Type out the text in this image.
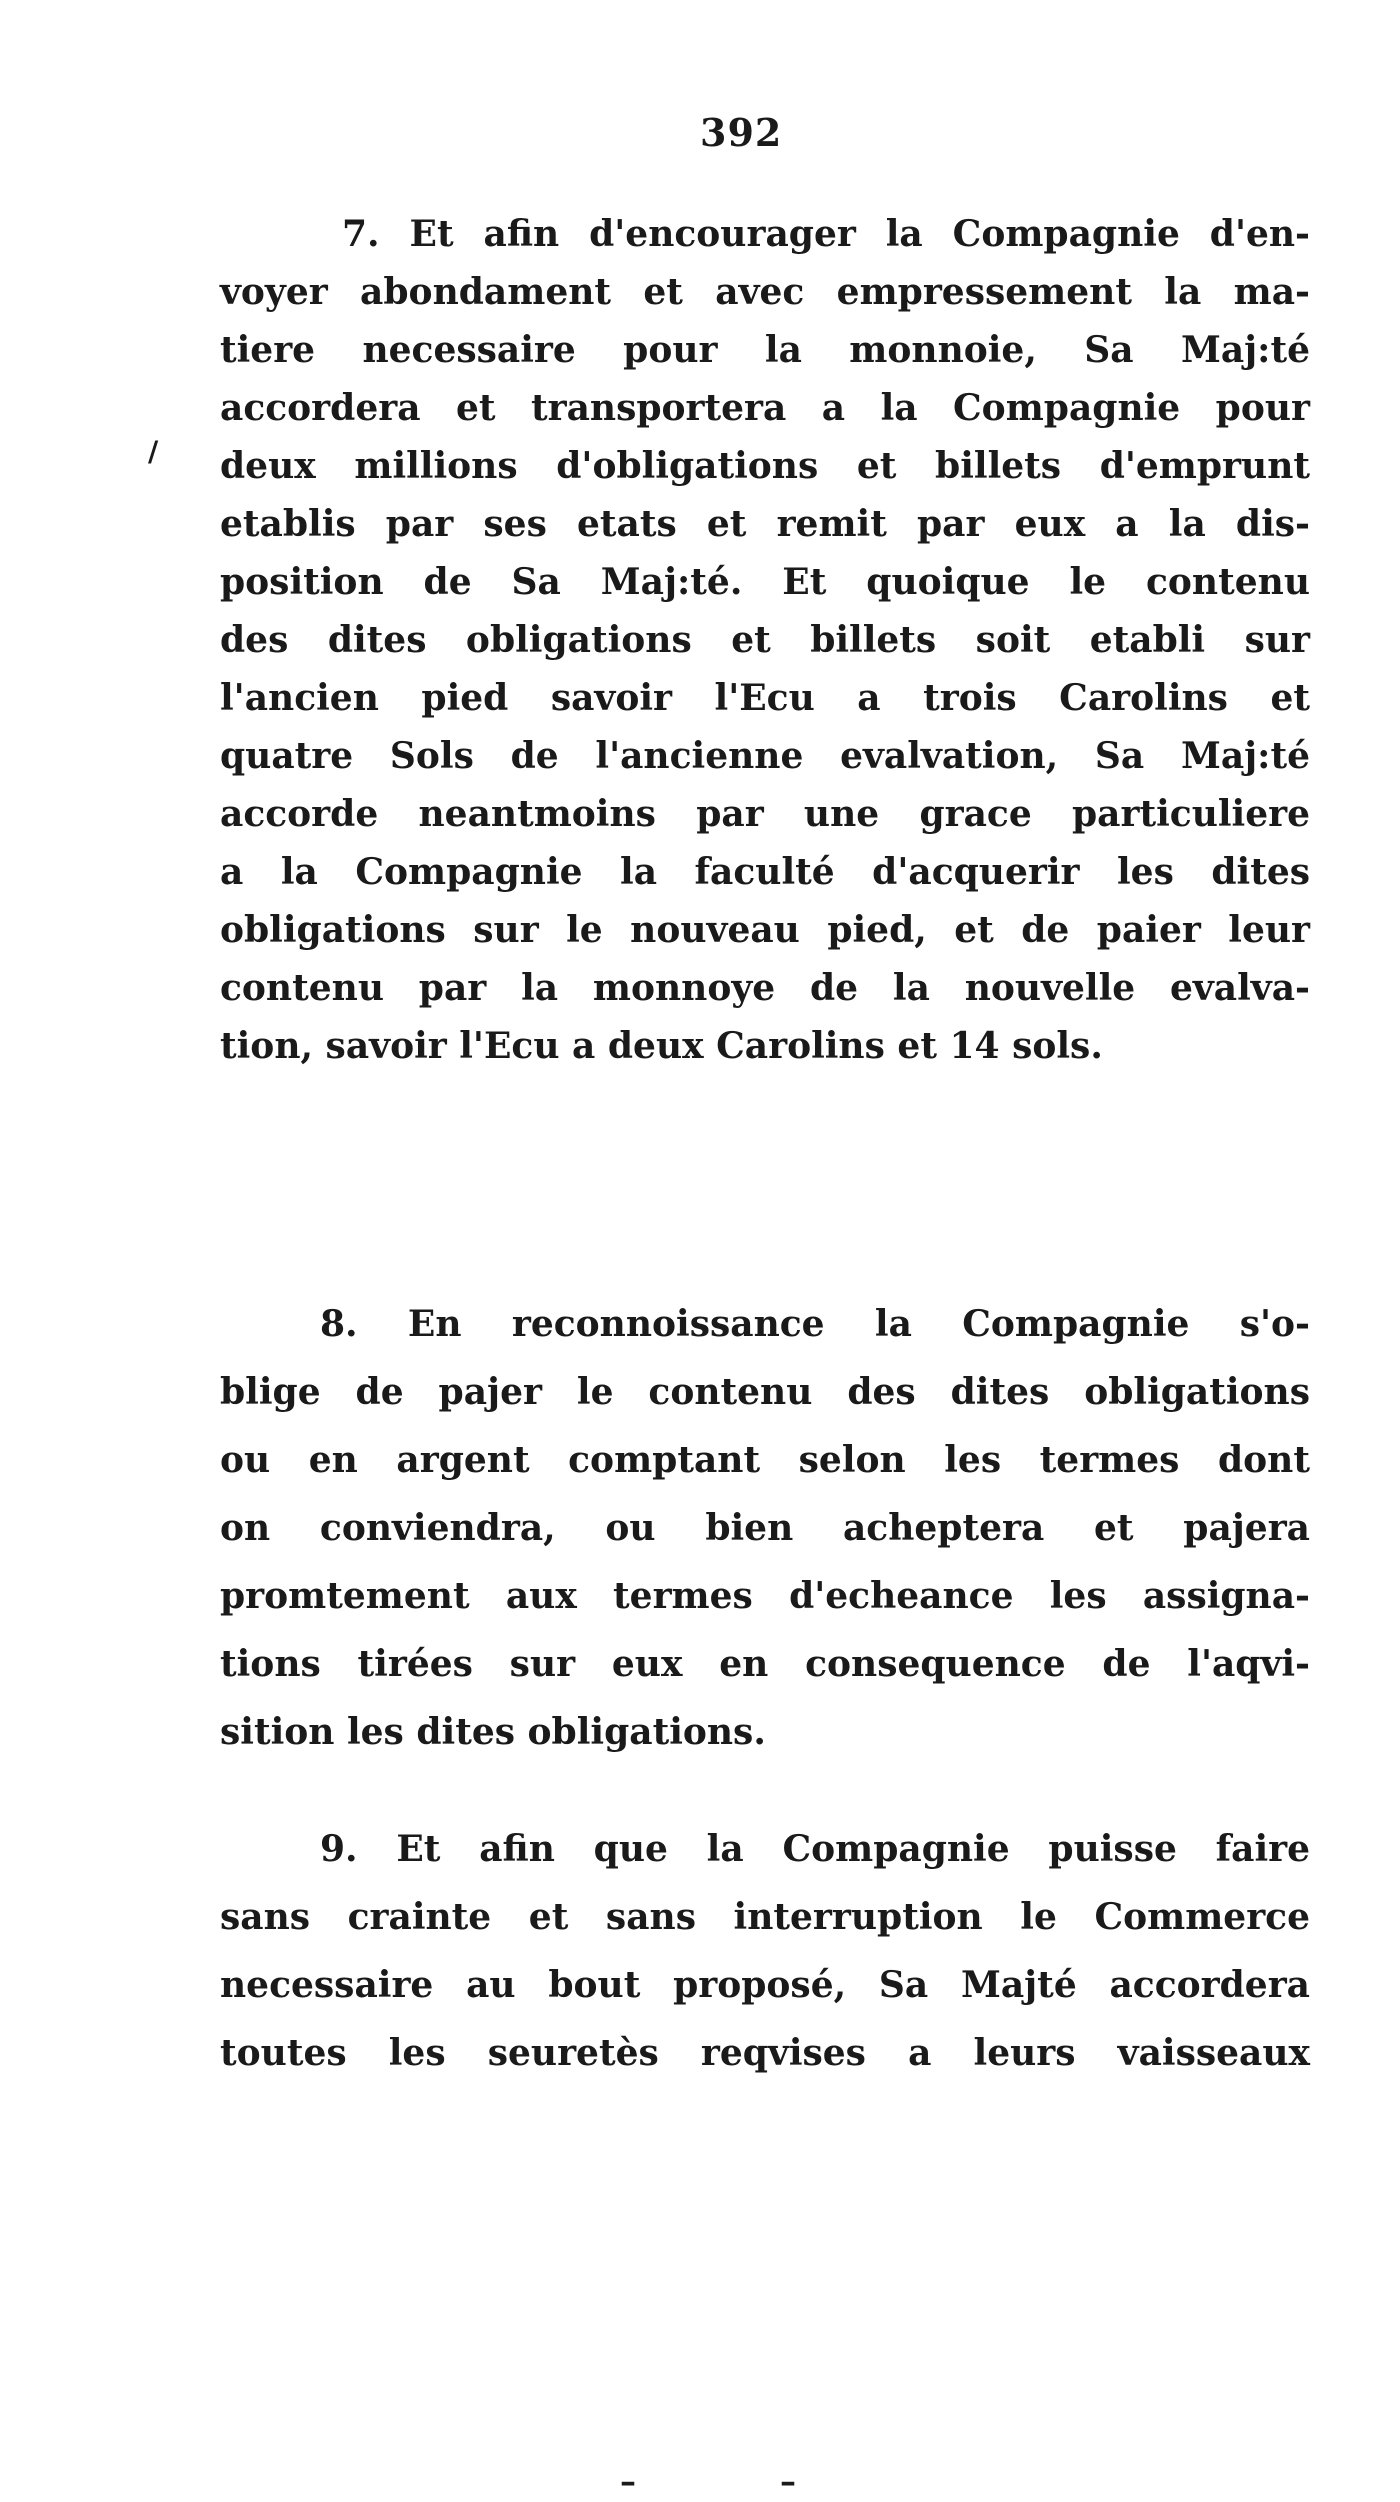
392
/
7. Et afin d'encourager la Compagnie d'en-
voyer abondament et avec empressement la ma-
tiere necessaire pour la monnoie, Sa Maj:té
accordera et transportera a la Compagnie pour
deux millions d'obligations et billets d'emprunt
etablis par ses etats et remit par eux a la dis-
position de Sa Maj:té. Et quoique le contenu
des dites obligations et billets soit etabli sur
l'ancien pied savoir l'Ecu a trois Carolins et
quatre Sols de l'ancienne evalvation, Sa Maj:té
accorde neantmoins par une grace particuliere
a la Compagnie la faculté d'acquerir les dites
obligations sur le nouveau pied, et de paier leur
contenu par la monnoye de la nouvelle evalva-
tion, savoir l'Ecu a deux Carolins et 14 sols.
8. En reconnoissance la Compagnie s'o-
blige de pajer le contenu des dites obligations
ou en argent comptant selon les termes dont
on conviendra, ou bien acheptera et pajera
promtement aux termes d'echeance les assigna-
tions tirées sur eux en consequence de l'aqvi-
sition les dites obligations.
9. Et afin que la Compagnie puisse faire
sans crainte et sans interruption le Commerce
necessaire au bout proposé, Sa Majté accordera
toutes les seuretès reqvises a leurs vaisseaux
–	–
